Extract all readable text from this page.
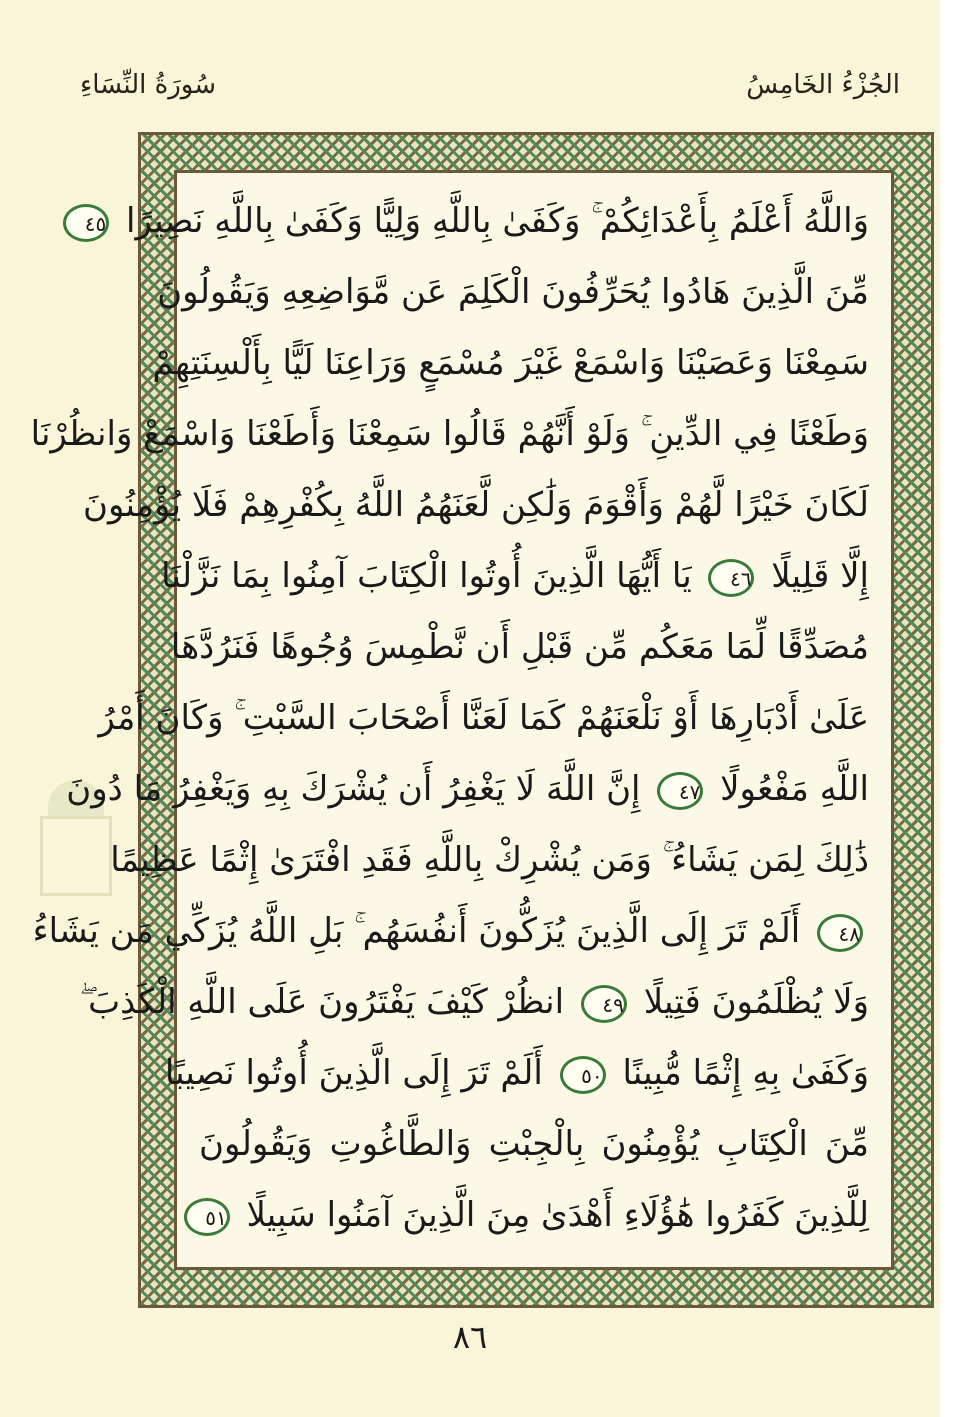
سُورَةُ النِّسَاءِ	الجُزْءُ الخَامِسُ
وَاللَّهُ أَعْلَمُ بِأَعْدَائِكُمْ ۚ وَكَفَىٰ بِاللَّهِ وَلِيًّا وَكَفَىٰ بِاللَّهِ نَصِيرًا ٤٥
مِّنَ الَّذِينَ هَادُوا يُحَرِّفُونَ الْكَلِمَ عَن مَّوَاضِعِهِ وَيَقُولُونَ
سَمِعْنَا وَعَصَيْنَا وَاسْمَعْ غَيْرَ مُسْمَعٍ وَرَاعِنَا لَيًّا بِأَلْسِنَتِهِمْ
وَطَعْنًا فِي الدِّينِ ۚ وَلَوْ أَنَّهُمْ قَالُوا سَمِعْنَا وَأَطَعْنَا وَاسْمَعْ وَانظُرْنَا
لَكَانَ خَيْرًا لَّهُمْ وَأَقْوَمَ وَلَٰكِن لَّعَنَهُمُ اللَّهُ بِكُفْرِهِمْ فَلَا يُؤْمِنُونَ
إِلَّا قَلِيلًا ٤٦ يَا أَيُّهَا الَّذِينَ أُوتُوا الْكِتَابَ آمِنُوا بِمَا نَزَّلْنَا
مُصَدِّقًا لِّمَا مَعَكُم مِّن قَبْلِ أَن نَّطْمِسَ وُجُوهًا فَنَرُدَّهَا
عَلَىٰ أَدْبَارِهَا أَوْ نَلْعَنَهُمْ كَمَا لَعَنَّا أَصْحَابَ السَّبْتِ ۚ وَكَانَ أَمْرُ
اللَّهِ مَفْعُولًا ٤٧ إِنَّ اللَّهَ لَا يَغْفِرُ أَن يُشْرَكَ بِهِ وَيَغْفِرُ مَا دُونَ
ذَٰلِكَ لِمَن يَشَاءُ ۚ وَمَن يُشْرِكْ بِاللَّهِ فَقَدِ افْتَرَىٰ إِثْمًا عَظِيمًا
٤٨ أَلَمْ تَرَ إِلَى الَّذِينَ يُزَكُّونَ أَنفُسَهُم ۚ بَلِ اللَّهُ يُزَكِّي مَن يَشَاءُ
وَلَا يُظْلَمُونَ فَتِيلًا ٤٩ انظُرْ كَيْفَ يَفْتَرُونَ عَلَى اللَّهِ الْكَذِبَ ۖ
وَكَفَىٰ بِهِ إِثْمًا مُّبِينًا ٥٠ أَلَمْ تَرَ إِلَى الَّذِينَ أُوتُوا نَصِيبًا
مِّنَ الْكِتَابِ يُؤْمِنُونَ بِالْجِبْتِ وَالطَّاغُوتِ وَيَقُولُونَ
لِلَّذِينَ كَفَرُوا هَٰؤُلَاءِ أَهْدَىٰ مِنَ الَّذِينَ آمَنُوا سَبِيلًا ٥١
٨٦
